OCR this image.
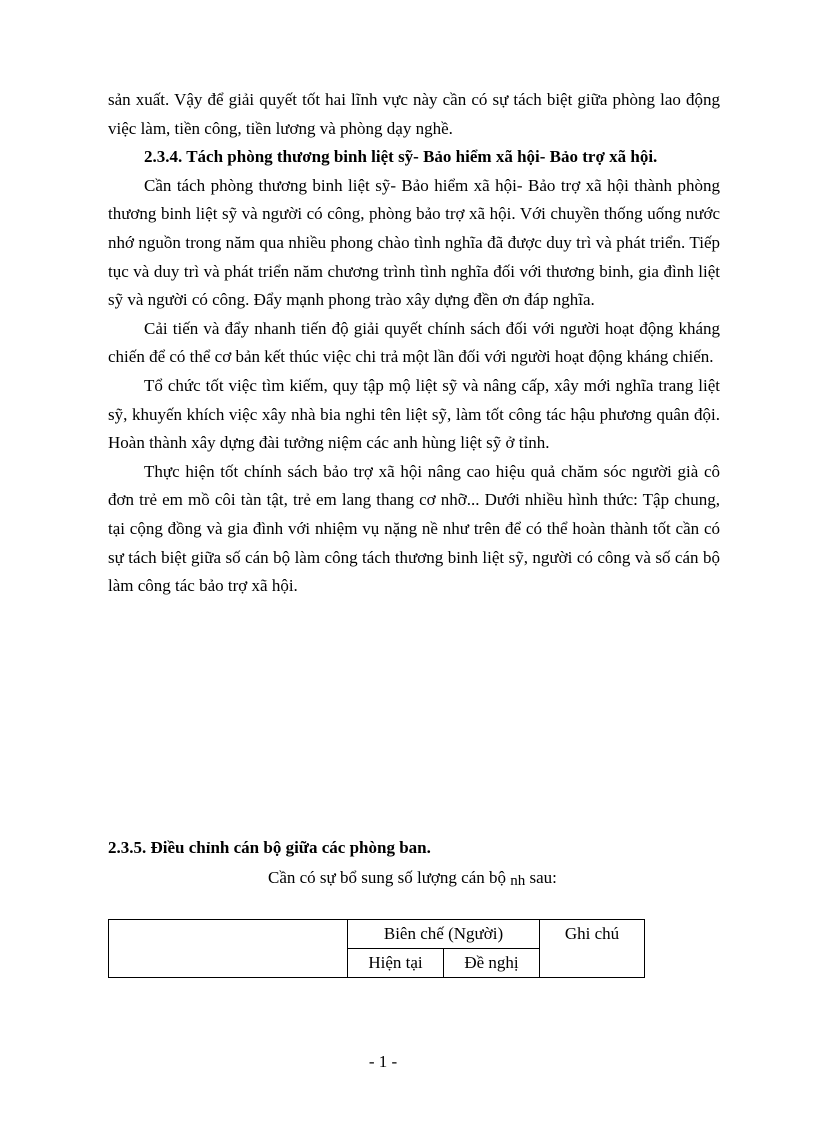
sản xuất. Vậy để giải quyết tốt hai lĩnh vực này cần có sự tách biệt giữa phòng lao động việc làm, tiền công, tiền lương và phòng dạy nghề.

2.3.4. Tách phòng thương binh liệt sỹ- Bảo hiểm xã hội- Bảo trợ xã hội.

Cần tách phòng thương binh liệt sỹ- Bảo hiểm xã hội- Bảo trợ xã hội thành phòng thương binh liệt sỹ và người có công, phòng bảo trợ xã hội. Với chuyền thống uống nước nhớ nguồn trong năm qua nhiều phong chào tình nghĩa đã được duy trì và phát triển. Tiếp tục và duy trì và phát triển năm chương trình tình nghĩa đối với thương binh, gia đình liệt sỹ và người có công. Đẩy mạnh phong trào xây dựng đền ơn đáp nghĩa.

Cải tiến và đẩy nhanh tiến độ giải quyết chính sách đối với người hoạt động kháng chiến để có thể cơ bản kết thúc việc chi trả một lần đối với người hoạt động kháng chiến.

Tổ chức tốt việc tìm kiếm, quy tập mộ liệt sỹ và nâng cấp, xây mới nghĩa trang liệt sỹ, khuyến khích việc xây nhà bia nghi tên liệt sỹ, làm tốt công tác hậu phương quân đội. Hoàn thành xây dựng đài tưởng niệm các anh hùng liệt sỹ ở tỉnh.

Thực hiện tốt chính sách bảo trợ xã hội nâng cao hiệu quả chăm sóc người già cô đơn trẻ em mồ côi tàn tật, trẻ em lang thang cơ nhỡ... Dưới nhiều hình thức: Tập chung, tại cộng đồng và gia đình với nhiệm vụ nặng nề như trên để có thể hoàn thành tốt cần có sự tách biệt giữa số cán bộ làm công tách thương binh liệt sỹ, người có công và số cán bộ làm công tác bảo trợ xã hội.

2.3.5. Điều chỉnh cán bộ giữa các phòng ban.

Cần có sự bổ sung số lượng cán bộ nh sau:

	Biên chế (Người)		Ghi chú
	Hiện tại	Đề nghị	
- 1 -
